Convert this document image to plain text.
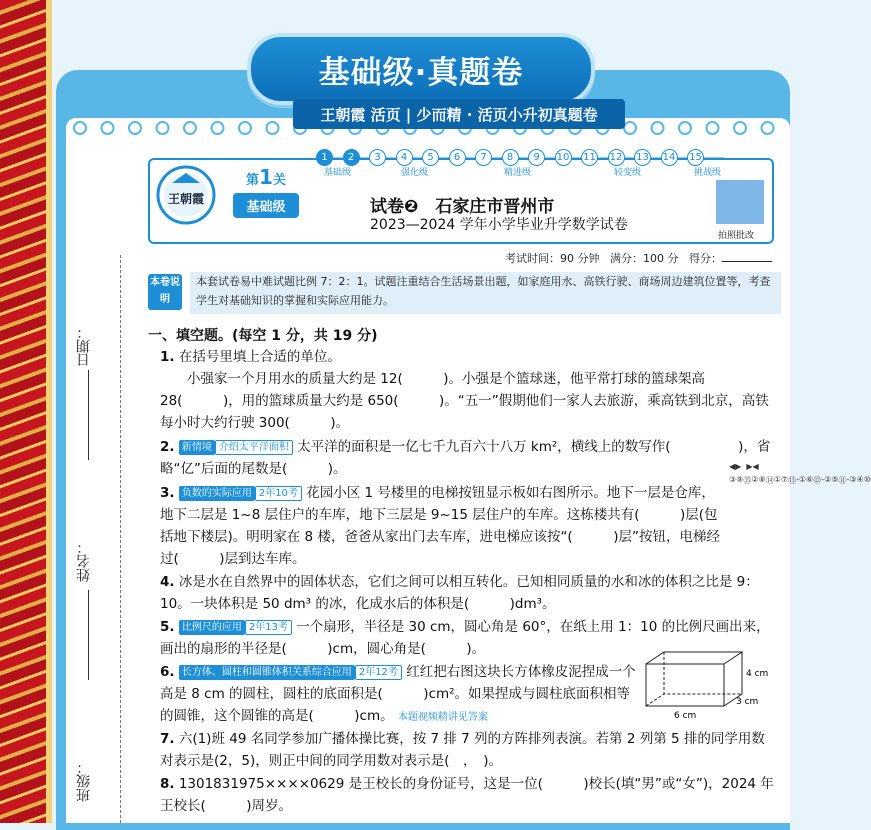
基础级·真题卷
王朝霞 活页 | 少而精 · 活页小升初真题卷
日期：
姓名：
班级：
王朝霞
第1关
基础级
1	2	3	4	5	6	7	8	9	10 11 12 13 14 15
基础级	强化级	精进级	较变级	挑战级
试卷❷　石家庄市晋州市
2023—2024 学年小学毕业升学数学试卷
拍照批改
考试时间：90 分钟 满分：100 分 得分：
本卷说明
本套试卷易中难试题比例 7：2：1。试题注重结合生活场景出题，如家庭用水、高铁行驶、商场周边建筑位置等，考查学生对基础知识的掌握和实际应用能力。
一、填空题。(每空 1 分，共 19 分)
1. 在括号里填上合适的单位。
　　小强家一个月用水的质量大约是 12(　　　)。小强是个篮球迷，他平常打球的篮球架高 28(　　　)，用的篮球质量大约是 650(　　　)。“五一”假期他们一家人去旅游，乘高铁到北京，高铁每小时大约行驶 300(　　　)。
2. 新情境 介绍太平洋面积 太平洋的面积是一亿七千九百六十八万 km²，横线上的数写作(　　　　　)，省略“亿”后面的尾数是(　　　)。
3. 负数的实际应用 2年10考 花园小区 1 号楼里的电梯按钮显示板如右图所示。地下一层是仓库，地下二层是 1~8 层住户的车库，地下三层是 9~15 层住户的车库。这栋楼共有(　　　)层(包括地下楼层)。明明家在 8 楼，爸爸从家出门去车库，进电梯应该按“(　　　)层”按钮，电梯经过(　　　)层到达车库。
4. 冰是水在自然界中的固体状态，它们之间可以相互转化。已知相同质量的水和冰的体积之比是 9：10。一块体积是 50 dm³ 的冰，化成水后的体积是(　　　)dm³。
5. 比例尺的应用 2年13考 一个扇形，半径是 30 cm，圆心角是 60°，在纸上用 1：10 的比例尺画出来，画出的扇形的半径是(　　　)cm，圆心角是(　　　)。
6. 长方体、圆柱和圆锥体积关系综合应用 2年12考 红红把右图这块长方体橡皮泥捏成一个高是 8 cm 的圆柱，圆柱的底面积是(　　　)cm²。如果捏成与圆柱底面积相等的圆锥，这个圆锥的高是(　　　)cm。 本题视频精讲见答案
7. 六(1)班 49 名同学参加广播体操比赛，按 7 排 7 列的方阵排列表演。若第 2 列第 5 排的同学用数对表示是(2，5)，则正中间的同学用数对表示是(　，　)。
8. 130183197​5××××0629 是王校长的身份证号，这是一位(　　　)校长(填“男”或“女”)，2024 年王校长(　　　)周岁。
◀▶  ▶◀
③ ⑨ ⑮ ② ⑧ ⑭ ① ⑦ ⑬ -① ⑥ ⑫ -② ⑤ ⑪ -③ ④ ⑩
4 cm
3 cm
6 cm
